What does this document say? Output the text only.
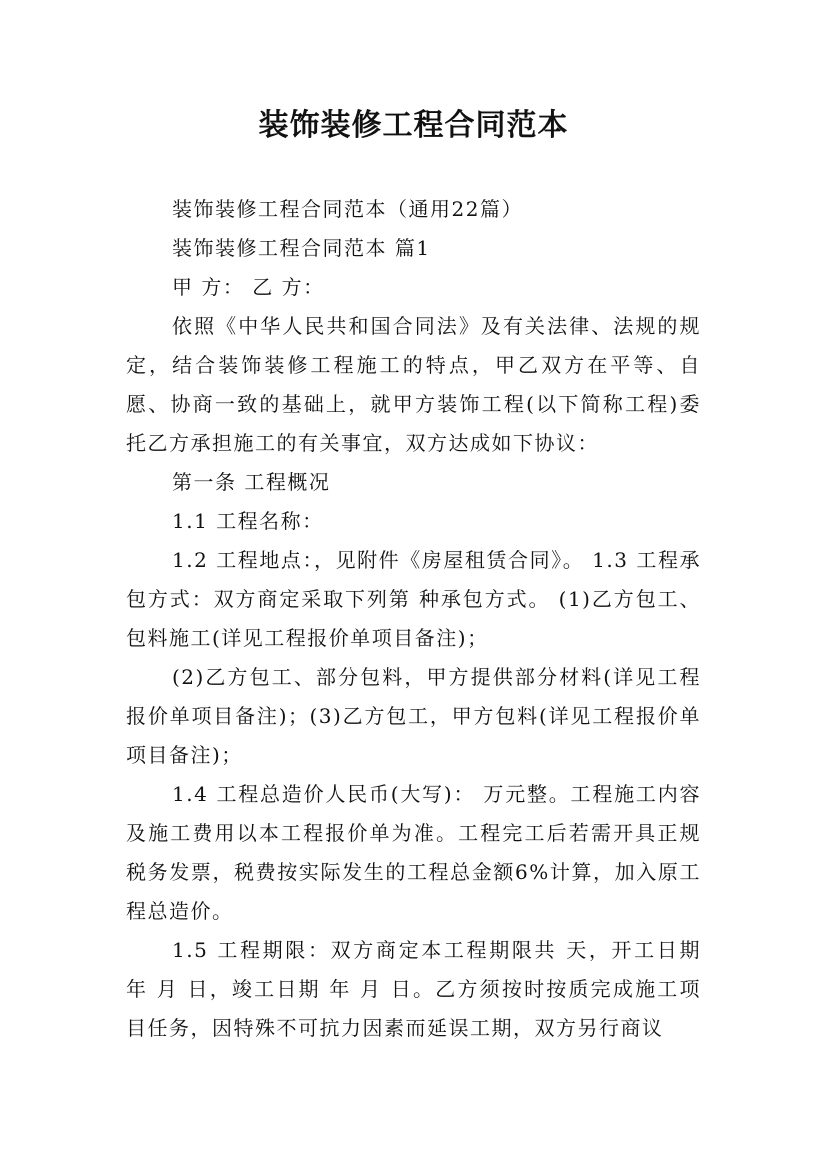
装饰装修工程合同范本

装饰装修工程合同范本（通用22篇）

装饰装修工程合同范本 篇1

甲 方： 乙 方：

依照《中华人民共和国合同法》及有关法律、法规的规定，结合装饰装修工程施工的特点，甲乙双方在平等、自愿、协商一致的基础上，就甲方装饰工程(以下简称工程)委托乙方承担施工的有关事宜，双方达成如下协议：

第一条 工程概况

1.1 工程名称：

1.2 工程地点：，见附件《房屋租赁合同》。 1.3 工程承包方式：双方商定采取下列第 种承包方式。 (1)乙方包工、包料施工(详见工程报价单项目备注)；

(2)乙方包工、部分包料，甲方提供部分材料(详见工程报价单项目备注)；(3)乙方包工，甲方包料(详见工程报价单项目备注)；

1.4 工程总造价人民币(大写)： 万元整。工程施工内容及施工费用以本工程报价单为准。工程完工后若需开具正规税务发票，税费按实际发生的工程总金额6%计算，加入原工程总造价。

1.5 工程期限：双方商定本工程期限共 天，开工日期 年 月 日，竣工日期 年 月 日。乙方须按时按质完成施工项目任务，因特殊不可抗力因素而延误工期，双方另行商议
